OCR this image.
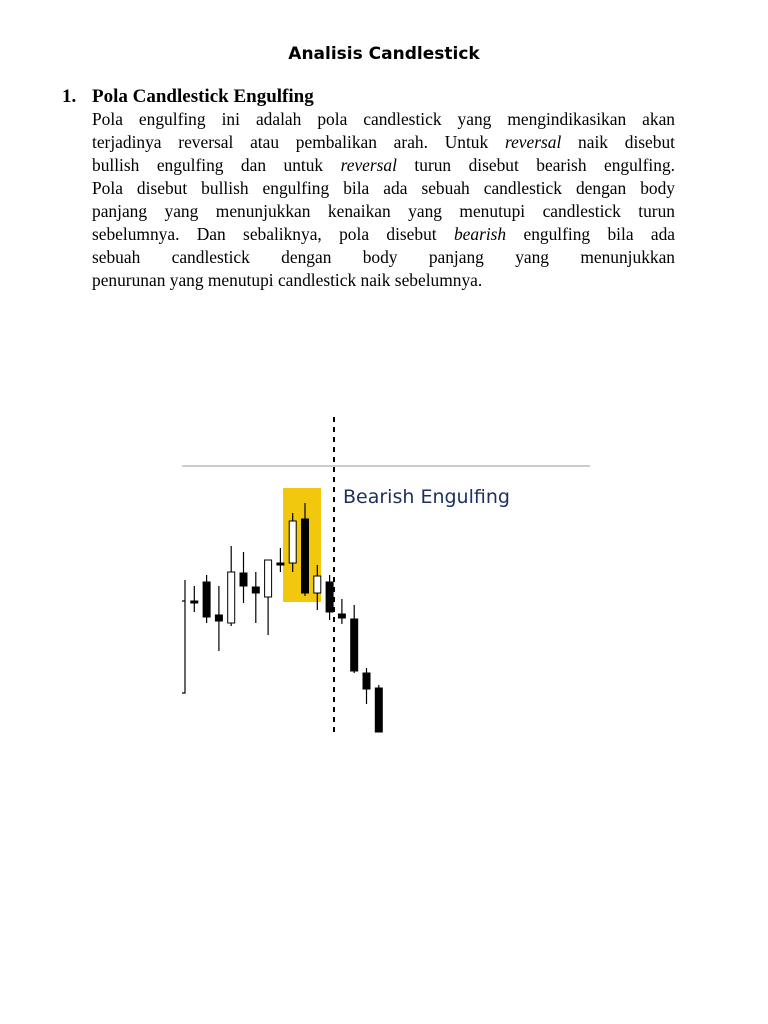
Analisis Candlestick
1. Pola Candlestick Engulfing
Pola engulfing ini adalah pola candlestick yang mengindikasikan akan
terjadinya reversal atau pembalikan arah. Untuk reversal naik disebut
bullish engulfing dan untuk reversal turun disebut bearish engulfing.
Pola disebut bullish engulfing bila ada sebuah candlestick dengan body
panjang yang menunjukkan kenaikan yang menutupi candlestick turun
sebelumnya. Dan sebaliknya, pola disebut bearish engulfing bila ada
sebuah candlestick dengan body panjang yang menunjukkan
penurunan yang menutupi candlestick naik sebelumnya.
Bearish Engulfing
